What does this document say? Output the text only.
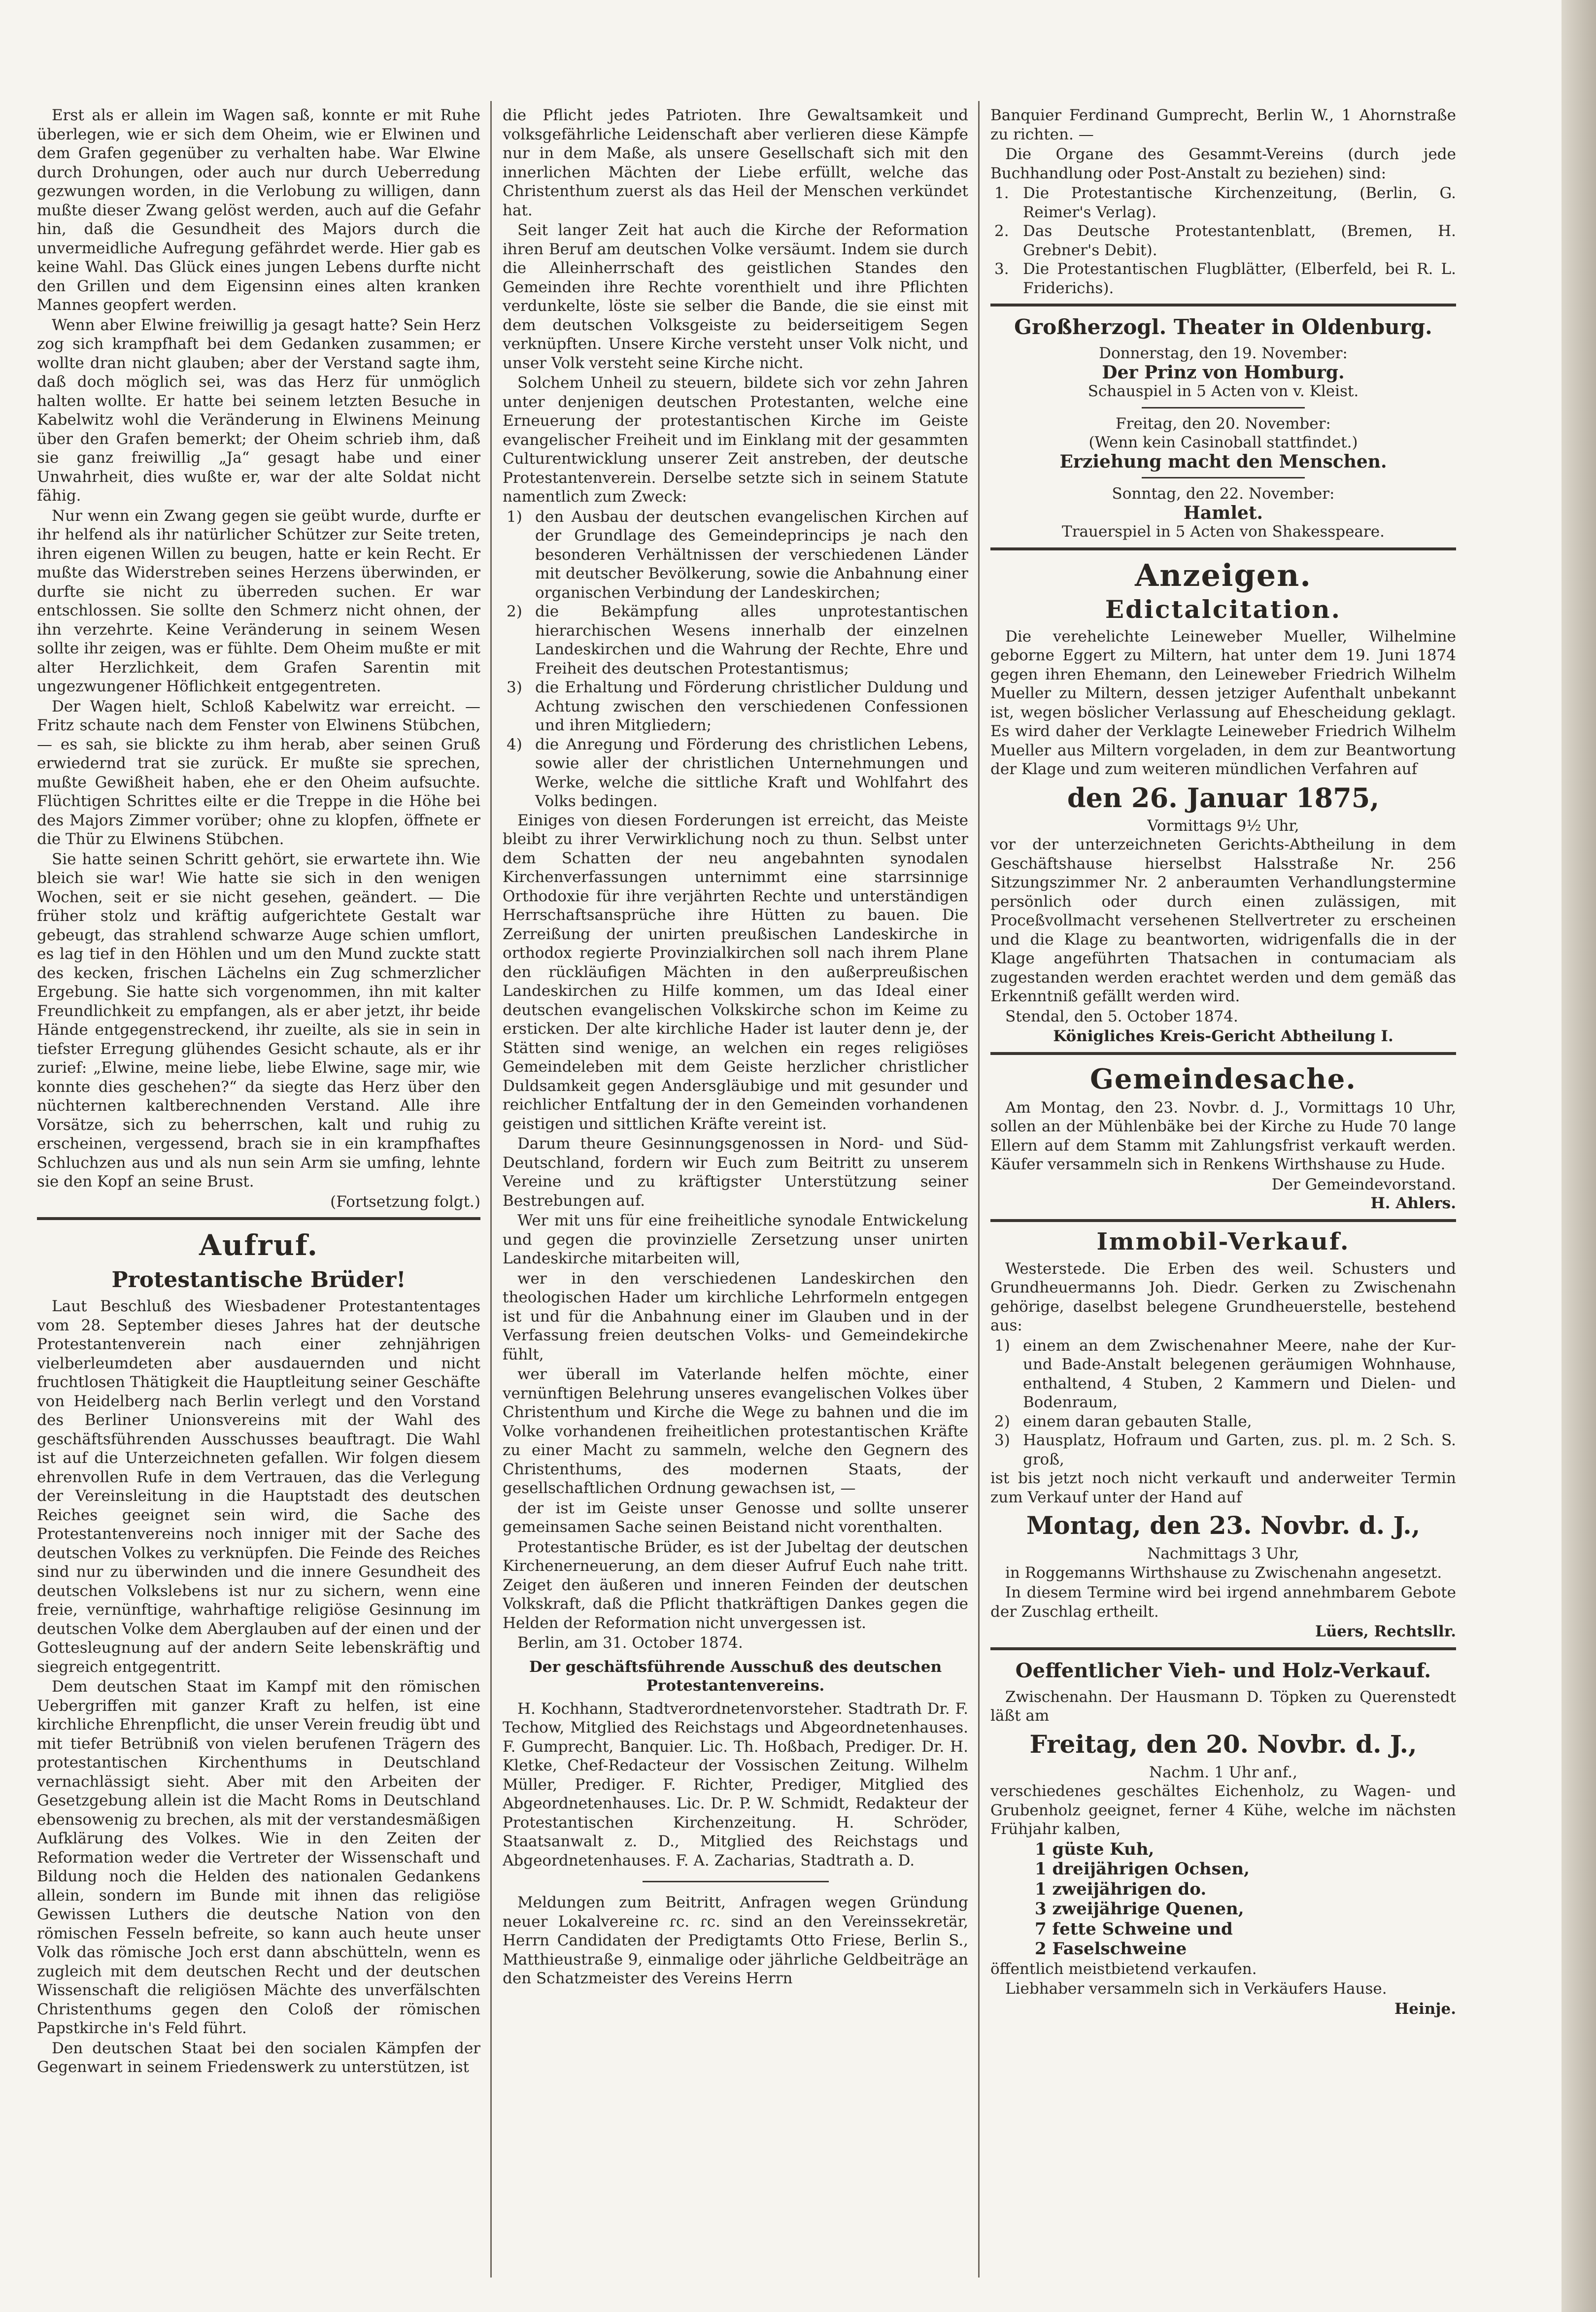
Erst als er allein im Wagen saß, konnte er mit Ruhe überlegen, wie er sich dem Oheim, wie er Elwinen und dem Grafen gegenüber zu verhalten habe. War Elwine durch Drohungen, oder auch nur durch Ueberredung gezwungen worden, in die Verlobung zu willigen, dann mußte dieser Zwang gelöst werden, auch auf die Gefahr hin, daß die Gesundheit des Majors durch die unvermeidliche Aufregung gefährdet werde. Hier gab es keine Wahl. Das Glück eines jungen Lebens durfte nicht den Grillen und dem Eigensinn eines alten kranken Mannes geopfert werden.

Wenn aber Elwine freiwillig ja gesagt hatte? Sein Herz zog sich krampfhaft bei dem Gedanken zusammen; er wollte dran nicht glauben; aber der Verstand sagte ihm, daß doch möglich sei, was das Herz für unmöglich halten wollte. Er hatte bei seinem letzten Besuche in Kabelwitz wohl die Veränderung in Elwinens Meinung über den Grafen bemerkt; der Oheim schrieb ihm, daß sie ganz freiwillig „Ja“ gesagt habe und einer Unwahrheit, dies wußte er, war der alte Soldat nicht fähig.

Nur wenn ein Zwang gegen sie geübt wurde, durfte er ihr helfend als ihr natürlicher Schützer zur Seite treten, ihren eigenen Willen zu beugen, hatte er kein Recht. Er mußte das Widerstreben seines Herzens überwinden, er durfte sie nicht zu überreden suchen. Er war entschlossen. Sie sollte den Schmerz nicht ohnen, der ihn verzehrte. Keine Veränderung in seinem Wesen sollte ihr zeigen, was er fühlte. Dem Oheim mußte er mit alter Herzlichkeit, dem Grafen Sarentin mit ungezwungener Höflichkeit entgegentreten.

Der Wagen hielt, Schloß Kabelwitz war erreicht. — Fritz schaute nach dem Fenster von Elwinens Stübchen, — es sah, sie blickte zu ihm herab, aber seinen Gruß erwiedernd trat sie zurück. Er mußte sie sprechen, mußte Gewißheit haben, ehe er den Oheim aufsuchte. Flüchtigen Schrittes eilte er die Treppe in die Höhe bei des Majors Zimmer vorüber; ohne zu klopfen, öffnete er die Thür zu Elwinens Stübchen.

Sie hatte seinen Schritt gehört, sie erwartete ihn. Wie bleich sie war! Wie hatte sie sich in den wenigen Wochen, seit er sie nicht gesehen, geändert. — Die früher stolz und kräftig aufgerichtete Gestalt war gebeugt, das strahlend schwarze Auge schien umflort, es lag tief in den Höhlen und um den Mund zuckte statt des kecken, frischen Lächelns ein Zug schmerzlicher Ergebung. Sie hatte sich vorgenommen, ihn mit kalter Freundlichkeit zu empfangen, als er aber jetzt, ihr beide Hände entgegenstreckend, ihr zueilte, als sie in sein in tiefster Erregung glühendes Gesicht schaute, als er ihr zurief: „Elwine, meine liebe, liebe Elwine, sage mir, wie konnte dies geschehen?“ da siegte das Herz über den nüchternen kaltberechnenden Verstand. Alle ihre Vorsätze, sich zu beherrschen, kalt und ruhig zu erscheinen, vergessend, brach sie in ein krampfhaftes Schluchzen aus und als nun sein Arm sie umfing, lehnte sie den Kopf an seine Brust.

(Fortsetzung folgt.)

Aufruf.
Protestantische Brüder!

Laut Beschluß des Wiesbadener Protestantentages vom 28. September dieses Jahres hat der deutsche Protestantenverein nach einer zehnjährigen vielberleumdeten aber ausdauernden und nicht fruchtlosen Thätigkeit die Hauptleitung seiner Geschäfte von Heidelberg nach Berlin verlegt und den Vorstand des Berliner Unionsvereins mit der Wahl des geschäftsführenden Ausschusses beauftragt. Die Wahl ist auf die Unterzeichneten gefallen. Wir folgen diesem ehrenvollen Rufe in dem Vertrauen, das die Verlegung der Vereinsleitung in die Hauptstadt des deutschen Reiches geeignet sein wird, die Sache des Protestantenvereins noch inniger mit der Sache des deutschen Volkes zu verknüpfen. Die Feinde des Reiches sind nur zu überwinden und die innere Gesundheit des deutschen Volkslebens ist nur zu sichern, wenn eine freie, vernünftige, wahrhaftige religiöse Gesinnung im deutschen Volke dem Aberglauben auf der einen und der Gottesleugnung auf der andern Seite lebenskräftig und siegreich entgegentritt.

Dem deutschen Staat im Kampf mit den römischen Uebergriffen mit ganzer Kraft zu helfen, ist eine kirchliche Ehrenpflicht, die unser Verein freudig übt und mit tiefer Betrübniß von vielen berufenen Trägern des protestantischen Kirchenthums in Deutschland vernachlässigt sieht. Aber mit den Arbeiten der Gesetzgebung allein ist die Macht Roms in Deutschland ebensowenig zu brechen, als mit der verstandesmäßigen Aufklärung des Volkes. Wie in den Zeiten der Reformation weder die Vertreter der Wissenschaft und Bildung noch die Helden des nationalen Gedankens allein, sondern im Bunde mit ihnen das religiöse Gewissen Luthers die deutsche Nation von den römischen Fesseln befreite, so kann auch heute unser Volk das römische Joch erst dann abschütteln, wenn es zugleich mit dem deutschen Recht und der deutschen Wissenschaft die religiösen Mächte des unverfälschten Christenthums gegen den Coloß der römischen Papstkirche in's Feld führt.

Den deutschen Staat bei den socialen Kämpfen der Gegenwart in seinem Friedenswerk zu unterstützen, ist

die Pflicht jedes Patrioten. Ihre Gewaltsamkeit und volksgefährliche Leidenschaft aber verlieren diese Kämpfe nur in dem Maße, als unsere Gesellschaft sich mit den innerlichen Mächten der Liebe erfüllt, welche das Christenthum zuerst als das Heil der Menschen verkündet hat.

Seit langer Zeit hat auch die Kirche der Reformation ihren Beruf am deutschen Volke versäumt. Indem sie durch die Alleinherrschaft des geistlichen Standes den Gemeinden ihre Rechte vorenthielt und ihre Pflichten verdunkelte, löste sie selber die Bande, die sie einst mit dem deutschen Volksgeiste zu beiderseitigem Segen verknüpften. Unsere Kirche versteht unser Volk nicht, und unser Volk versteht seine Kirche nicht.

Solchem Unheil zu steuern, bildete sich vor zehn Jahren unter denjenigen deutschen Protestanten, welche eine Erneuerung der protestantischen Kirche im Geiste evangelischer Freiheit und im Einklang mit der gesammten Culturentwicklung unserer Zeit anstreben, der deutsche Protestantenverein. Derselbe setzte sich in seinem Statute namentlich zum Zweck:

1) den Ausbau der deutschen evangelischen Kirchen auf der Grundlage des Gemeindeprincips je nach den besonderen Verhältnissen der verschiedenen Länder mit deutscher Bevölkerung, sowie die Anbahnung einer organischen Verbindung der Landeskirchen;
2) die Bekämpfung alles unprotestantischen hierarchischen Wesens innerhalb der einzelnen Landeskirchen und die Wahrung der Rechte, Ehre und Freiheit des deutschen Protestantismus;
3) die Erhaltung und Förderung christlicher Duldung und Achtung zwischen den verschiedenen Confessionen und ihren Mitgliedern;
4) die Anregung und Förderung des christlichen Lebens, sowie aller der christlichen Unternehmungen und Werke, welche die sittliche Kraft und Wohlfahrt des Volks bedingen.

Einiges von diesen Forderungen ist erreicht, das Meiste bleibt zu ihrer Verwirklichung noch zu thun. Selbst unter dem Schatten der neu angebahnten synodalen Kirchenverfassungen unternimmt eine starrsinnige Orthodoxie für ihre verjährten Rechte und unterständigen Herrschaftsansprüche ihre Hütten zu bauen. Die Zerreißung der unirten preußischen Landeskirche in orthodox regierte Provinzialkirchen soll nach ihrem Plane den rückläufigen Mächten in den außerpreußischen Landeskirchen zu Hilfe kommen, um das Ideal einer deutschen evangelischen Volkskirche schon im Keime zu ersticken. Der alte kirchliche Hader ist lauter denn je, der Stätten sind wenige, an welchen ein reges religiöses Gemeindeleben mit dem Geiste herzlicher christlicher Duldsamkeit gegen Andersgläubige und mit gesunder und reichlicher Entfaltung der in den Gemeinden vorhandenen geistigen und sittlichen Kräfte vereint ist.

Darum theure Gesinnungsgenossen in Nord- und Süd-Deutschland, fordern wir Euch zum Beitritt zu unserem Vereine und zu kräftigster Unterstützung seiner Bestrebungen auf.

Wer mit uns für eine freiheitliche synodale Entwickelung und gegen die provinzielle Zersetzung unser unirten Landeskirche mitarbeiten will,

wer in den verschiedenen Landeskirchen den theologischen Hader um kirchliche Lehrformeln entgegen ist und für die Anbahnung einer im Glauben und in der Verfassung freien deutschen Volks- und Gemeindekirche fühlt,

wer überall im Vaterlande helfen möchte, einer vernünftigen Belehrung unseres evangelischen Volkes über Christenthum und Kirche die Wege zu bahnen und die im Volke vorhandenen freiheitlichen protestantischen Kräfte zu einer Macht zu sammeln, welche den Gegnern des Christenthums, des modernen Staats, der gesellschaftlichen Ordnung gewachsen ist, —

der ist im Geiste unser Genosse und sollte unserer gemeinsamen Sache seinen Beistand nicht vorenthalten.

Protestantische Brüder, es ist der Jubeltag der deutschen Kirchenerneuerung, an dem dieser Aufruf Euch nahe tritt. Zeiget den äußeren und inneren Feinden der deutschen Volkskraft, daß die Pflicht thatkräftigen Dankes gegen die Helden der Reformation nicht unvergessen ist.

Berlin, am 31. October 1874.

Der geschäftsführende Ausschuß des deutschen Protestantenvereins.

H. Kochhann, Stadtverordnetenvorsteher. Stadtrath Dr. F. Techow, Mitglied des Reichstags und Abgeordnetenhauses. F. Gumprecht, Banquier. Lic. Th. Hoßbach, Prediger. Dr. H. Kletke, Chef-Redacteur der Vossischen Zeitung. Wilhelm Müller, Prediger. F. Richter, Prediger, Mitglied des Abgeordnetenhauses. Lic. Dr. P. W. Schmidt, Redakteur der Protestantischen Kirchenzeitung. H. Schröder, Staatsanwalt z. D., Mitglied des Reichstags und Abgeordnetenhauses. F. A. Zacharias, Stadtrath a. D.

Meldungen zum Beitritt, Anfragen wegen Gründung neuer Lokalvereine ɾc. ɾc. sind an den Vereinssekretär, Herrn Candidaten der Predigtamts Otto Friese, Berlin S., Matthieustraße 9, einmalige oder jährliche Geldbeiträge an den Schatzmeister des Vereins Herrn

Banquier Ferdinand Gumprecht, Berlin W., 1 Ahornstraße zu richten. —

Die Organe des Gesammt-Vereins (durch jede Buchhandlung oder Post-Anstalt zu beziehen) sind:

1. Die Protestantische Kirchenzeitung, (Berlin, G. Reimer's Verlag).
2. Das Deutsche Protestantenblatt, (Bremen, H. Grebner's Debit).
3. Die Protestantischen Flugblätter, (Elberfeld, bei R. L. Friderichs).
Großherzogl. Theater in Oldenburg.

Donnerstag, den 19. November:

Der Prinz von Homburg.

Schauspiel in 5 Acten von v. Kleist.

Freitag, den 20. November:

(Wenn kein Casinoball stattfindet.)

Erziehung macht den Menschen.

Sonntag, den 22. November:

Hamlet.

Trauerspiel in 5 Acten von Shakesspeare.

Anzeigen.
Edictalcitation.

Die verehelichte Leineweber Mueller, Wilhelmine geborne Eggert zu Miltern, hat unter dem 19. Juni 1874 gegen ihren Ehemann, den Leineweber Friedrich Wilhelm Mueller zu Miltern, dessen jetziger Aufenthalt unbekannt ist, wegen böslicher Verlassung auf Ehescheidung geklagt. Es wird daher der Verklagte Leineweber Friedrich Wilhelm Mueller aus Miltern vorgeladen, in dem zur Beantwortung der Klage und zum weiteren mündlichen Verfahren auf

den 26. Januar 1875,

Vormittags 9½ Uhr,

vor der unterzeichneten Gerichts-Abtheilung in dem Geschäftshause hierselbst Halsstraße Nr. 256 Sitzungszimmer Nr. 2 anberaumten Verhandlungstermine persönlich oder durch einen zulässigen, mit Proceßvollmacht versehenen Stellvertreter zu erscheinen und die Klage zu beantworten, widrigenfalls die in der Klage angeführten Thatsachen in contumaciam als zugestanden werden erachtet werden und dem gemäß das Erkenntniß gefällt werden wird.

Stendal, den 5. October 1874.

Königliches Kreis-Gericht Abtheilung I.

Gemeindesache.

Am Montag, den 23. Novbr. d. J., Vormittags 10 Uhr, sollen an der Mühlenbäke bei der Kirche zu Hude 70 lange Ellern auf dem Stamm mit Zahlungsfrist verkauft werden. Käufer versammeln sich in Renkens Wirthshause zu Hude.

Der Gemeindevorstand.

H. Ahlers.

Immobil-Verkauf.

Westerstede. Die Erben des weil. Schusters und Grundheuermanns Joh. Diedr. Gerken zu Zwischenahn gehörige, daselbst belegene Grundheuerstelle, bestehend aus:

1) einem an dem Zwischenahner Meere, nahe der Kur- und Bade-Anstalt belegenen geräumigen Wohnhause, enthaltend, 4 Stuben, 2 Kammern und Dielen- und Bodenraum,
2) einem daran gebauten Stalle,
3) Hausplatz, Hofraum und Garten, zus. pl. m. 2 Sch. S. groß,

ist bis jetzt noch nicht verkauft und anderweiter Termin zum Verkauf unter der Hand auf

Montag, den 23. Novbr. d. J.,

Nachmittags 3 Uhr,

in Roggemanns Wirthshause zu Zwischenahn angesetzt.

In diesem Termine wird bei irgend annehmbarem Gebote der Zuschlag ertheilt.

Lüers, Rechtsllr.

Oeffentlicher Vieh- und Holz-Verkauf.

Zwischenahn. Der Hausmann D. Töpken zu Querenstedt läßt am

Freitag, den 20. Novbr. d. J.,

Nachm. 1 Uhr anf.,

verschiedenes geschältes Eichenholz, zu Wagen- und Grubenholz geeignet, ferner 4 Kühe, welche im nächsten Frühjahr kalben,

1 güste Kuh,

1 dreijährigen Ochsen,

1 zweijährigen do.

3 zweijährige Quenen,

7 fette Schweine und

2 Faselschweine

öffentlich meistbietend verkaufen.

Liebhaber versammeln sich in Verkäufers Hause.

Heinje.
